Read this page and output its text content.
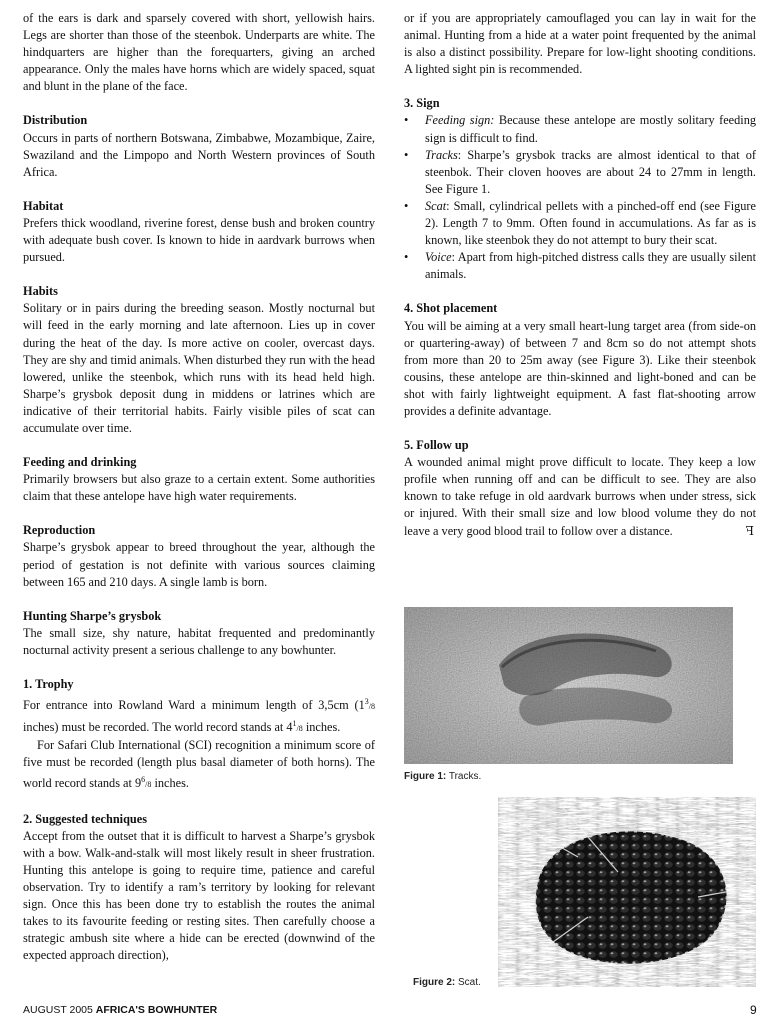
of the ears is dark and sparsely covered with short, yellowish hairs. Legs are shorter than those of the steenbok. Underparts are white. The hindquarters are higher than the forequarters, giving an arched appearance. Only the males have horns which are widely spaced, squat and blunt in the plane of the face.

Distribution

Occurs in parts of northern Botswana, Zimbabwe, Mozambique, Zaire, Swaziland and the Limpopo and North Western provinces of South Africa.

Habitat

Prefers thick woodland, riverine forest, dense bush and broken country with adequate bush cover. Is known to hide in aardvark burrows when pursued.

Habits

Solitary or in pairs during the breeding season. Mostly nocturnal but will feed in the early morning and late afternoon. Lies up in cover during the heat of the day. Is more active on cooler, overcast days. They are shy and timid animals. When disturbed they run with the head lowered, unlike the steenbok, which runs with its head held high. Sharpe’s grysbok deposit dung in middens or latrines which are indicative of their territorial habits. Fairly visible piles of scat can accumulate over time.

Feeding and drinking

Primarily browsers but also graze to a certain extent. Some authorities claim that these antelope have high water requirements.

Reproduction

Sharpe’s grysbok appear to breed throughout the year, although the period of gestation is not definite with various sources claiming between 165 and 210 days. A single lamb is born.

Hunting Sharpe’s grysbok

The small size, shy nature, habitat frequented and predominantly nocturnal activity present a serious challenge to any bowhunter.

1. Trophy

For entrance into Rowland Ward a minimum length of 3,5cm ($1^3/8$ inches) must be recorded. The world record stands at $4^1/8$ inches.

For Safari Club International (SCI) recognition a minimum score of five must be recorded (length plus basal diameter of both horns). The world record stands at $9^6/8$ inches.

2. Suggested techniques

Accept from the outset that it is difficult to harvest a Sharpe’s grysbok with a bow. Walk-and-stalk will most likely result in sheer frustration. Hunting this antelope is going to require time, patience and careful observation. Try to identify a ram’s territory by looking for relevant sign. Once this has been done try to establish the routes the animal takes to its favourite feeding or resting sites. Then carefully choose a strategic ambush site where a hide can be erected (downwind of the expected approach direction),

or if you are appropriately camouflaged you can lay in wait for the animal. Hunting from a hide at a water point frequented by the animal is also a distinct possibility. Prepare for low-light shooting conditions. A lighted sight pin is recommended.

3. Sign
• Feeding sign: Because these antelope are mostly solitary feeding sign is difficult to find.
• Tracks: Sharpe’s grysbok tracks are almost identical to that of steenbok. Their cloven hooves are about 24 to 27mm in length. See Figure 1.
• Scat: Small, cylindrical pellets with a pinched-off end (see Figure 2). Length 7 to 9mm. Often found in accumulations. As far as is known, like steenbok they do not attempt to bury their scat.
• Voice: Apart from high-pitched distress calls they are usually silent animals.
4. Shot placement

You will be aiming at a very small heart-lung target area (from side-on or quartering-away) of between 7 and 8cm so do not attempt shots from more than 20 to 25m away (see Figure 3). Like their steenbok cousins, these antelope are thin-skinned and light-boned and can be shot with fairly lightweight equipment. A fast flat-shooting arrow provides a definite advantage.

5. Follow up

A wounded animal might prove difficult to locate. They keep a low profile when running off and can be difficult to see. They are also known to take refuge in old aardvark burrows when under stress, sick or injured. With their small size and low blood volume they do not leave a very good blood trail to follow over a distance.	ꟻ

Figure 1: Tracks.
Figure 2: Scat.
AUGUST 2005 AFRICA'S BOWHUNTER	9
